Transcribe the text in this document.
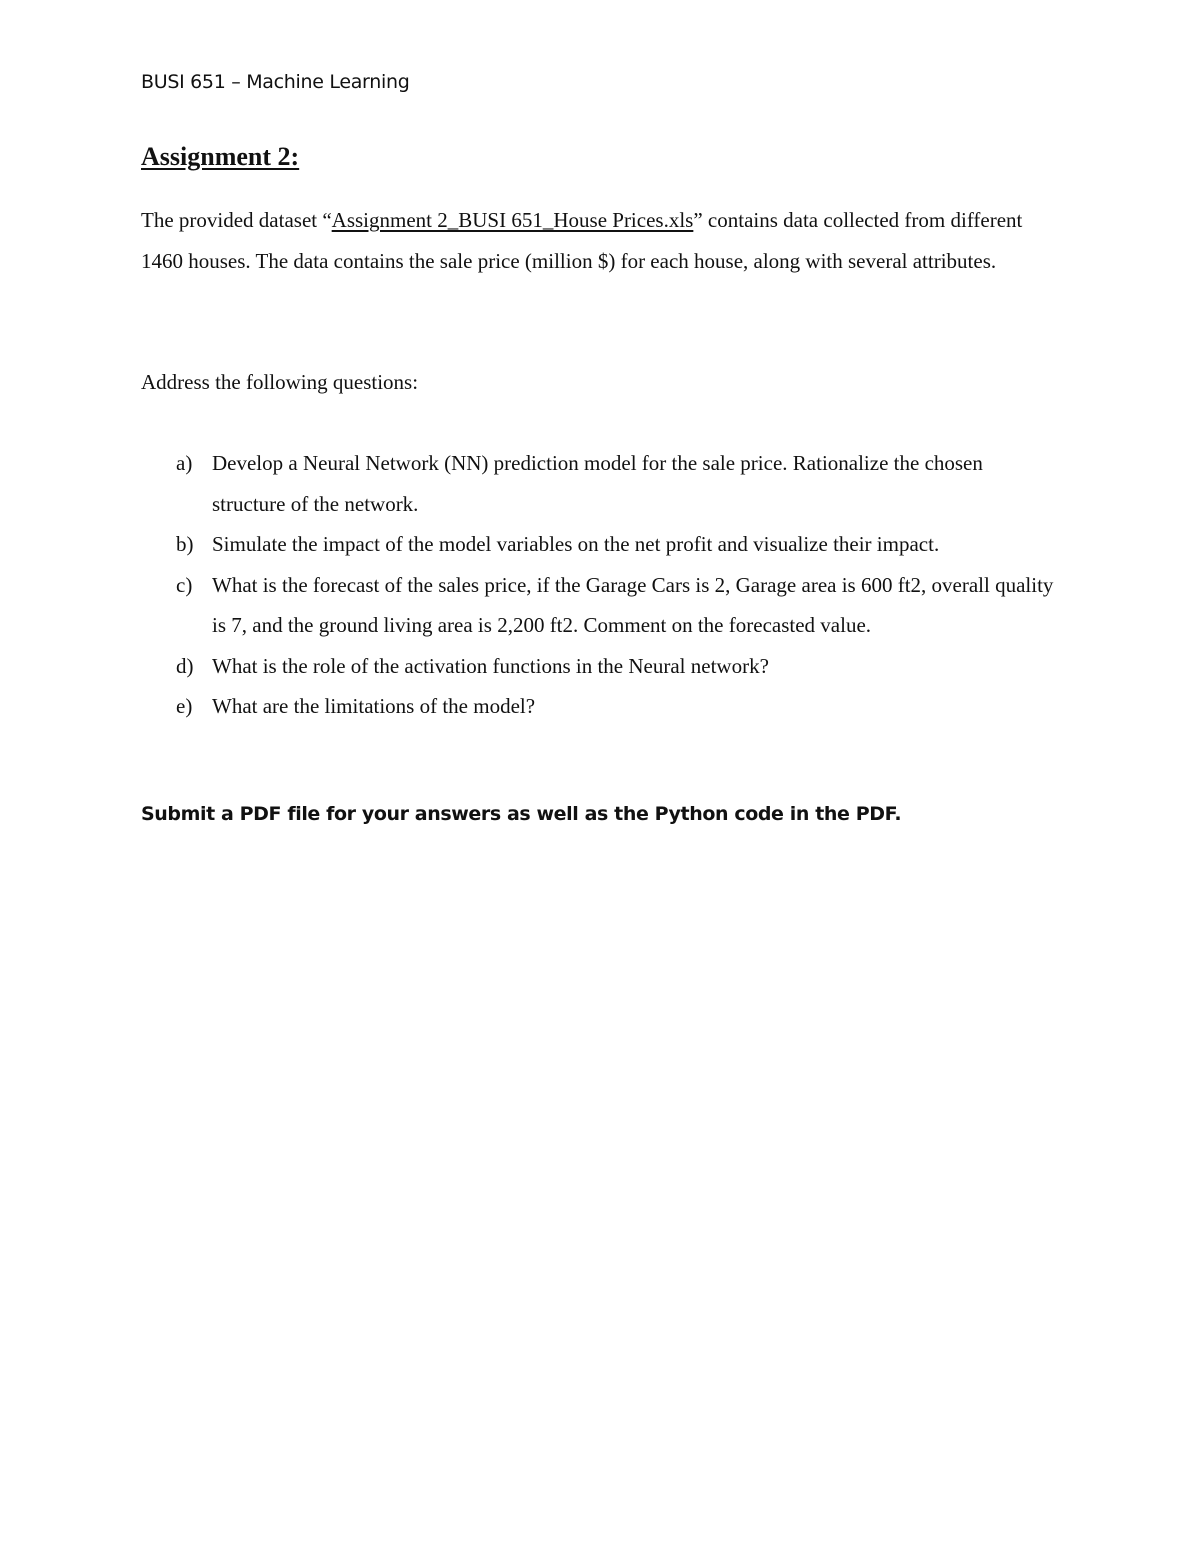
BUSI 651 – Machine Learning
Assignment 2:

The provided dataset “Assignment 2_BUSI 651_House Prices.xls” contains data collected from different 1460 houses. The data contains the sale price (million $) for each house, along with several attributes.

Address the following questions:

a) Develop a Neural Network (NN) prediction model for the sale price. Rationalize the chosen structure of the network.
b) Simulate the impact of the model variables on the net profit and visualize their impact.
c) What is the forecast of the sales price, if the Garage Cars is 2, Garage area is 600 ft2, overall quality is 7, and the ground living area is 2,200 ft2. Comment on the forecasted value.
d) What is the role of the activation functions in the Neural network?
e) What are the limitations of the model?
Submit a PDF file for your answers as well as the Python code in the PDF.
